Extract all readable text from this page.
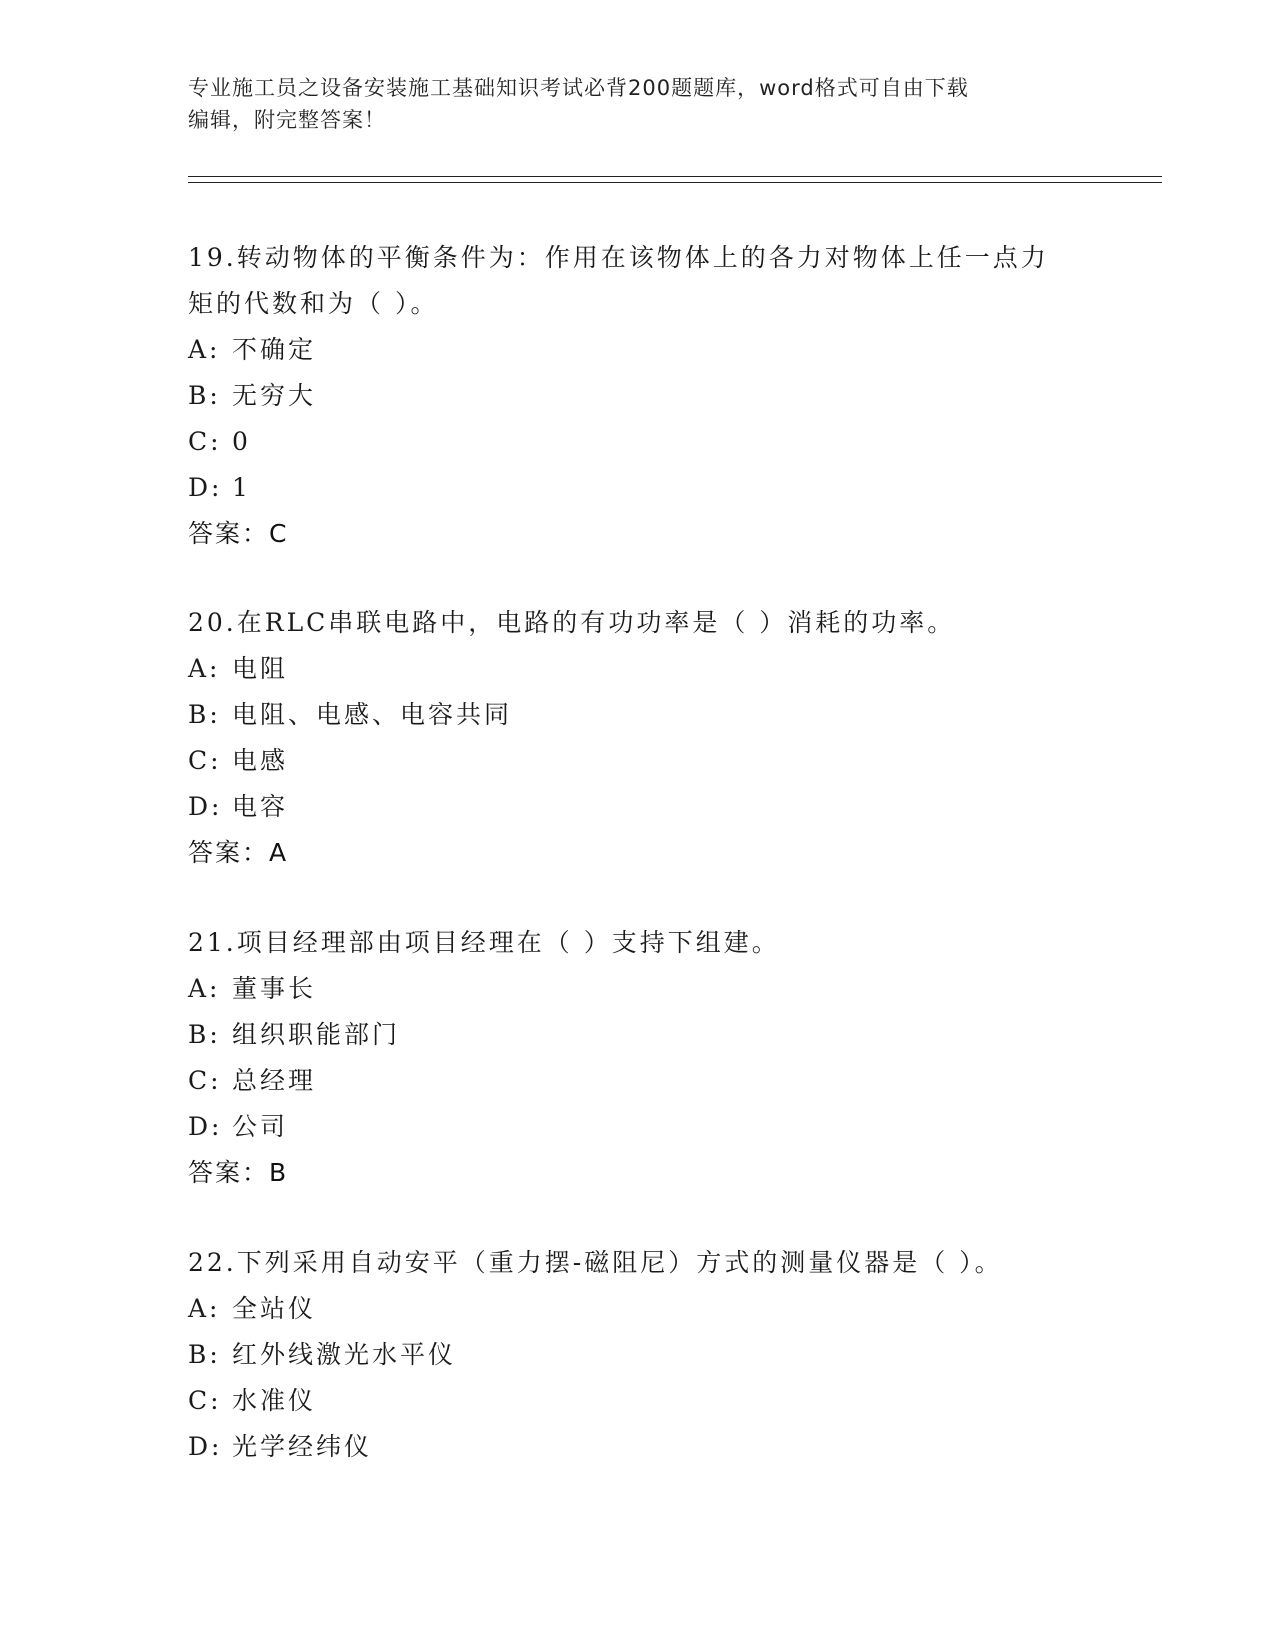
专业施工员之设备安装施工基础知识考试必背200题题库，word格式可自由下载
编辑，附完整答案！
19.转动物体的平衡条件为：作用在该物体上的各力对物体上任一点力
矩的代数和为（ ）。
A: 不确定
B: 无穷大
C: 0
D: 1
答案：C
20.在RLC串联电路中，电路的有功功率是（ ）消耗的功率。
A: 电阻
B: 电阻、电感、电容共同
C: 电感
D: 电容
答案：A
21.项目经理部由项目经理在（ ）支持下组建。
A: 董事长
B: 组织职能部门
C: 总经理
D: 公司
答案：B
22.下列采用自动安平（重力摆-磁阻尼）方式的测量仪器是（ ）。
A: 全站仪
B: 红外线激光水平仪
C: 水准仪
D: 光学经纬仪
